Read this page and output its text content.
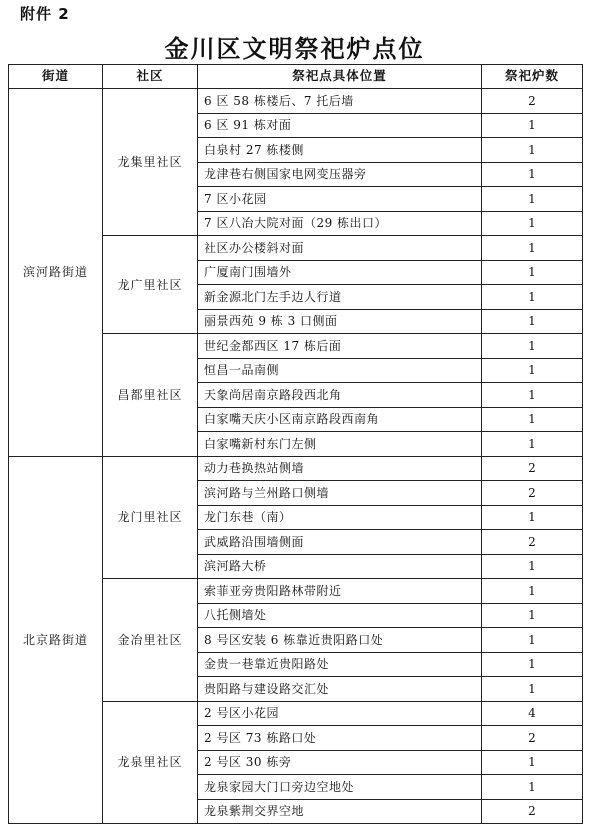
附件 2
金川区文明祭祀炉点位
街道	社区	祭祀点具体位置	祭祀炉数
滨河路街道	龙集里社区	6 区 58 栋楼后、7 托后墙	2
		6 区 91 栋对面	1
		白泉村 27 栋楼侧	1
		龙津巷右侧国家电网变压器旁	1
		7 区小花园	1
		7 区八冶大院对面（29 栋出口）	1
	龙广里社区	社区办公楼斜对面	1
		广厦南门围墙外	1
		新金源北门左手边人行道	1
		丽景西苑 9 栋 3 口侧面	1
	昌都里社区	世纪金都西区 17 栋后面	1
		恒昌一品南侧	1
		天象尚居南京路段西北角	1
		白家嘴天庆小区南京路段西南角	1
		白家嘴新村东门左侧	1
北京路街道	龙门里社区	动力巷换热站侧墙	2
		滨河路与兰州路口侧墙	2
		龙门东巷（南）	1
		武威路沿围墙侧面	2
		滨河路大桥	1
	金冶里社区	索菲亚旁贵阳路林带附近	1
		八托侧墙处	1
		8 号区安装 6 栋靠近贵阳路口处	1
		金贵一巷靠近贵阳路处	1
		贵阳路与建设路交汇处	1
	龙泉里社区	2 号区小花园	4
		2 号区 73 栋路口处	2
		2 号区 30 栋旁	1
		龙泉家园大门口旁边空地处	1
		龙泉紫荆交界空地	2
